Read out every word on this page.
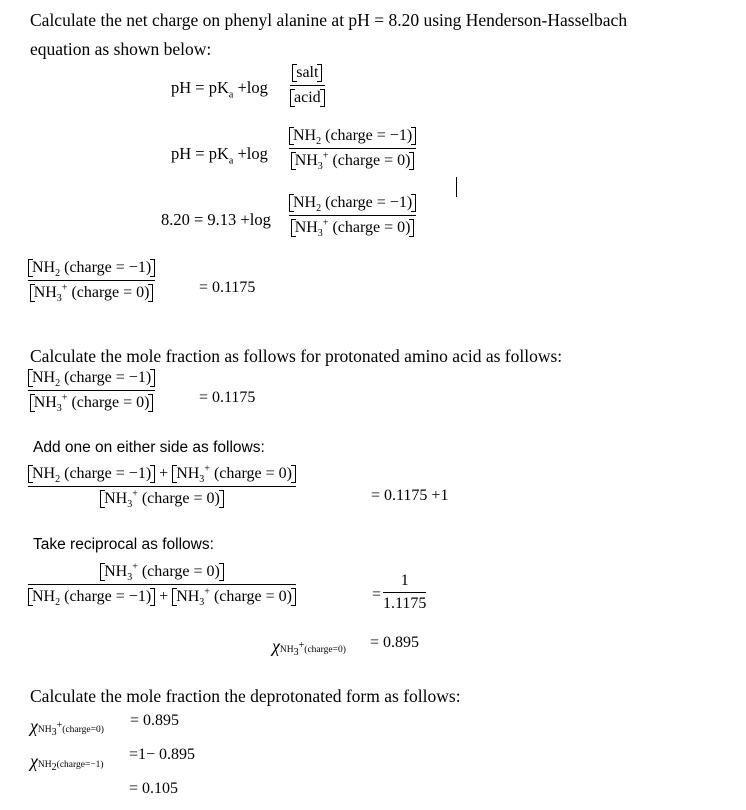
Calculate the net charge on phenyl alanine at pH = 8.20 using Henderson-Hasselbach
equation as shown below:
pH = $pK_a +\log$
salt
acid
pH = $pK_a +\log$
$NH_2$ (charge = −1)
$NH_3^+$ (charge = 0)
8.20 = 9.13 +log
$NH_2$ (charge = −1)
$NH_3^+$ (charge = 0)
$NH_2$ (charge = −1)
$NH_3^+$ (charge = 0)	= 0.1175
Calculate the mole fraction as follows for protonated amino acid as follows:
$NH_2$ (charge = −1)
$NH_3^+$ (charge = 0)	= 0.1175
Add one on either side as follows:
$NH_2$ (charge = $-1) + NH_3^+$ (charge = 0)
$NH_3^+$ (charge = 0)	= 0.1175 +1
Take reciprocal as follows:
$NH_3^+$ (charge = 0)
$NH_2$ (charge = $-1) + NH_3^+$ (charge = 0)	=
1
1.1175
χNH$_3$+(charge=0) = 0.895
Calculate the mole fraction the deprotonated form as follows:
χNH$_3$+(charge=0)
= 0.895
χNH$_2$(charge=−1)
=1− 0.895
= 0.105
